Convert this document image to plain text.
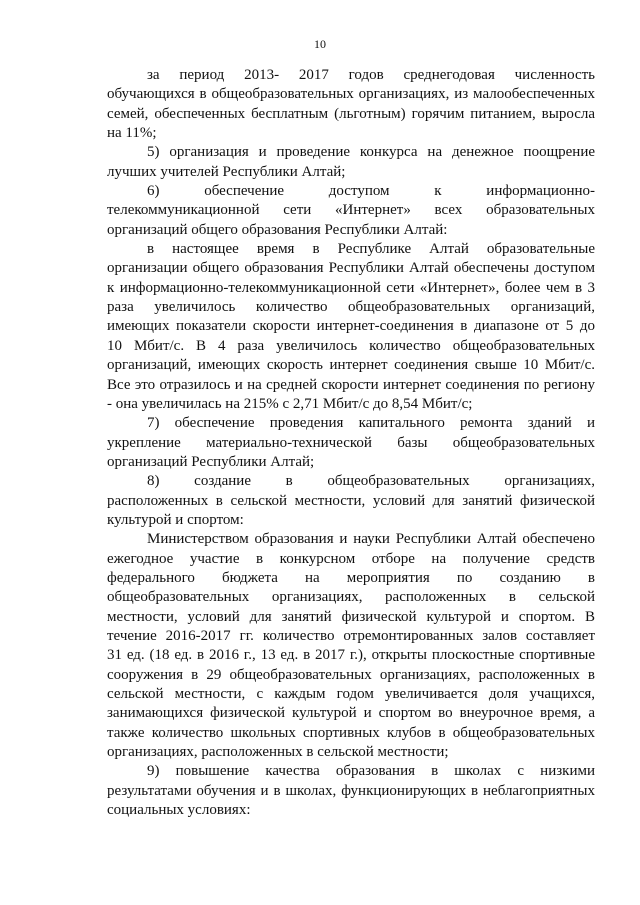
10
за период 2013- 2017 годов среднегодовая численность
обучающихся в общеобразовательных организациях, из малообеспеченных
семей, обеспеченных бесплатным (льготным) горячим питанием, выросла
на 11%;
5) организация и проведение конкурса на денежное поощрение
лучших учителей Республики Алтай;
6) обеспечение доступом к информационно-
телекоммуникационной сети «Интернет» всех образовательных
организаций общего образования Республики Алтай:
в настоящее время в Республике Алтай образовательные
организации общего образования Республики Алтай обеспечены доступом
к информационно-телекоммуникационной сети «Интернет», более чем в 3
раза увеличилось количество общеобразовательных организаций,
имеющих показатели скорости интернет-соединения в диапазоне от 5 до
10 Мбит/с. В 4 раза увеличилось количество общеобразовательных
организаций, имеющих скорость интернет соединения свыше 10 Мбит/с.
Все это отразилось и на средней скорости интернет соединения по региону
- она увеличилась на 215% с 2,71 Мбит/с до 8,54 Мбит/с;
7) обеспечение проведения капитального ремонта зданий и
укрепление материально-технической базы общеобразовательных
организаций Республики Алтай;
8) создание в общеобразовательных организациях,
расположенных в сельской местности, условий для занятий физической
культурой и спортом:
Министерством образования и науки Республики Алтай обеспечено
ежегодное участие в конкурсном отборе на получение средств
федерального бюджета на мероприятия по созданию в
общеобразовательных организациях, расположенных в сельской
местности, условий для занятий физической культурой и спортом. В
течение 2016-2017 гг. количество отремонтированных залов составляет
31 ед. (18 ед. в 2016 г., 13 ед. в 2017 г.), открыты плоскостные спортивные
сооружения в 29 общеобразовательных организациях, расположенных в
сельской местности, с каждым годом увеличивается доля учащихся,
занимающихся физической культурой и спортом во внеурочное время, а
также количество школьных спортивных клубов в общеобразовательных
организациях, расположенных в сельской местности;
9) повышение качества образования в школах с низкими
результатами обучения и в школах, функционирующих в неблагоприятных
социальных условиях:
